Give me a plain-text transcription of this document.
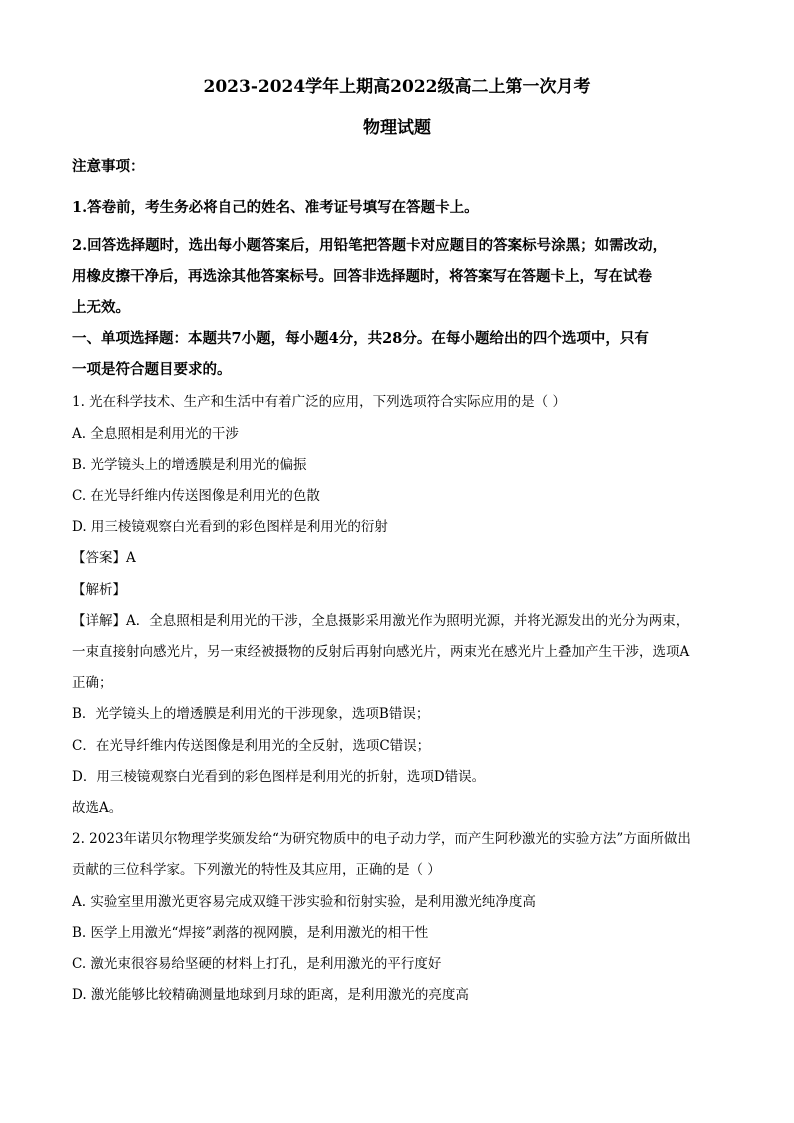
2023-2024学年上期高2022级高二上第一次月考
物理试题
注意事项：
1.答卷前，考生务必将自己的姓名、准考证号填写在答题卡上。
2.回答选择题时，选出每小题答案后，用铅笔把答题卡对应题目的答案标号涂黑；如需改动，
用橡皮擦干净后，再选涂其他答案标号。回答非选择题时，将答案写在答题卡上，写在试卷
上无效。
一、单项选择题：本题共7小题，每小题4分，共28分。在每小题给出的四个选项中，只有
一项是符合题目要求的。
1. 光在科学技术、生产和生活中有着广泛的应用，下列选项符合实际应用的是（ ）
A. 全息照相是利用光的干涉
B. 光学镜头上的增透膜是利用光的偏振
C. 在光导纤维内传送图像是利用光的色散
D. 用三棱镜观察白光看到的彩色图样是利用光的衍射
【答案】A
【解析】
【详解】A．全息照相是利用光的干涉，全息摄影采用激光作为照明光源，并将光源发出的光分为两束，
一束直接射向感光片，另一束经被摄物的反射后再射向感光片，两束光在感光片上叠加产生干涉，选项A
正确；
B．光学镜头上的增透膜是利用光的干涉现象，选项B错误；
C．在光导纤维内传送图像是利用光的全反射，选项C错误；
D．用三棱镜观察白光看到的彩色图样是利用光的折射，选项D错误。
故选A。
2. 2023年诺贝尔物理学奖颁发给“为研究物质中的电子动力学，而产生阿秒激光的实验方法”方面所做出
贡献的三位科学家。下列激光的特性及其应用，正确的是（ ）
A. 实验室里用激光更容易完成双缝干涉实验和衍射实验，是利用激光纯净度高
B. 医学上用激光“焊接”剥落的视网膜，是利用激光的相干性
C. 激光束很容易给坚硬的材料上打孔，是利用激光的平行度好
D. 激光能够比较精确测量地球到月球的距离，是利用激光的亮度高
